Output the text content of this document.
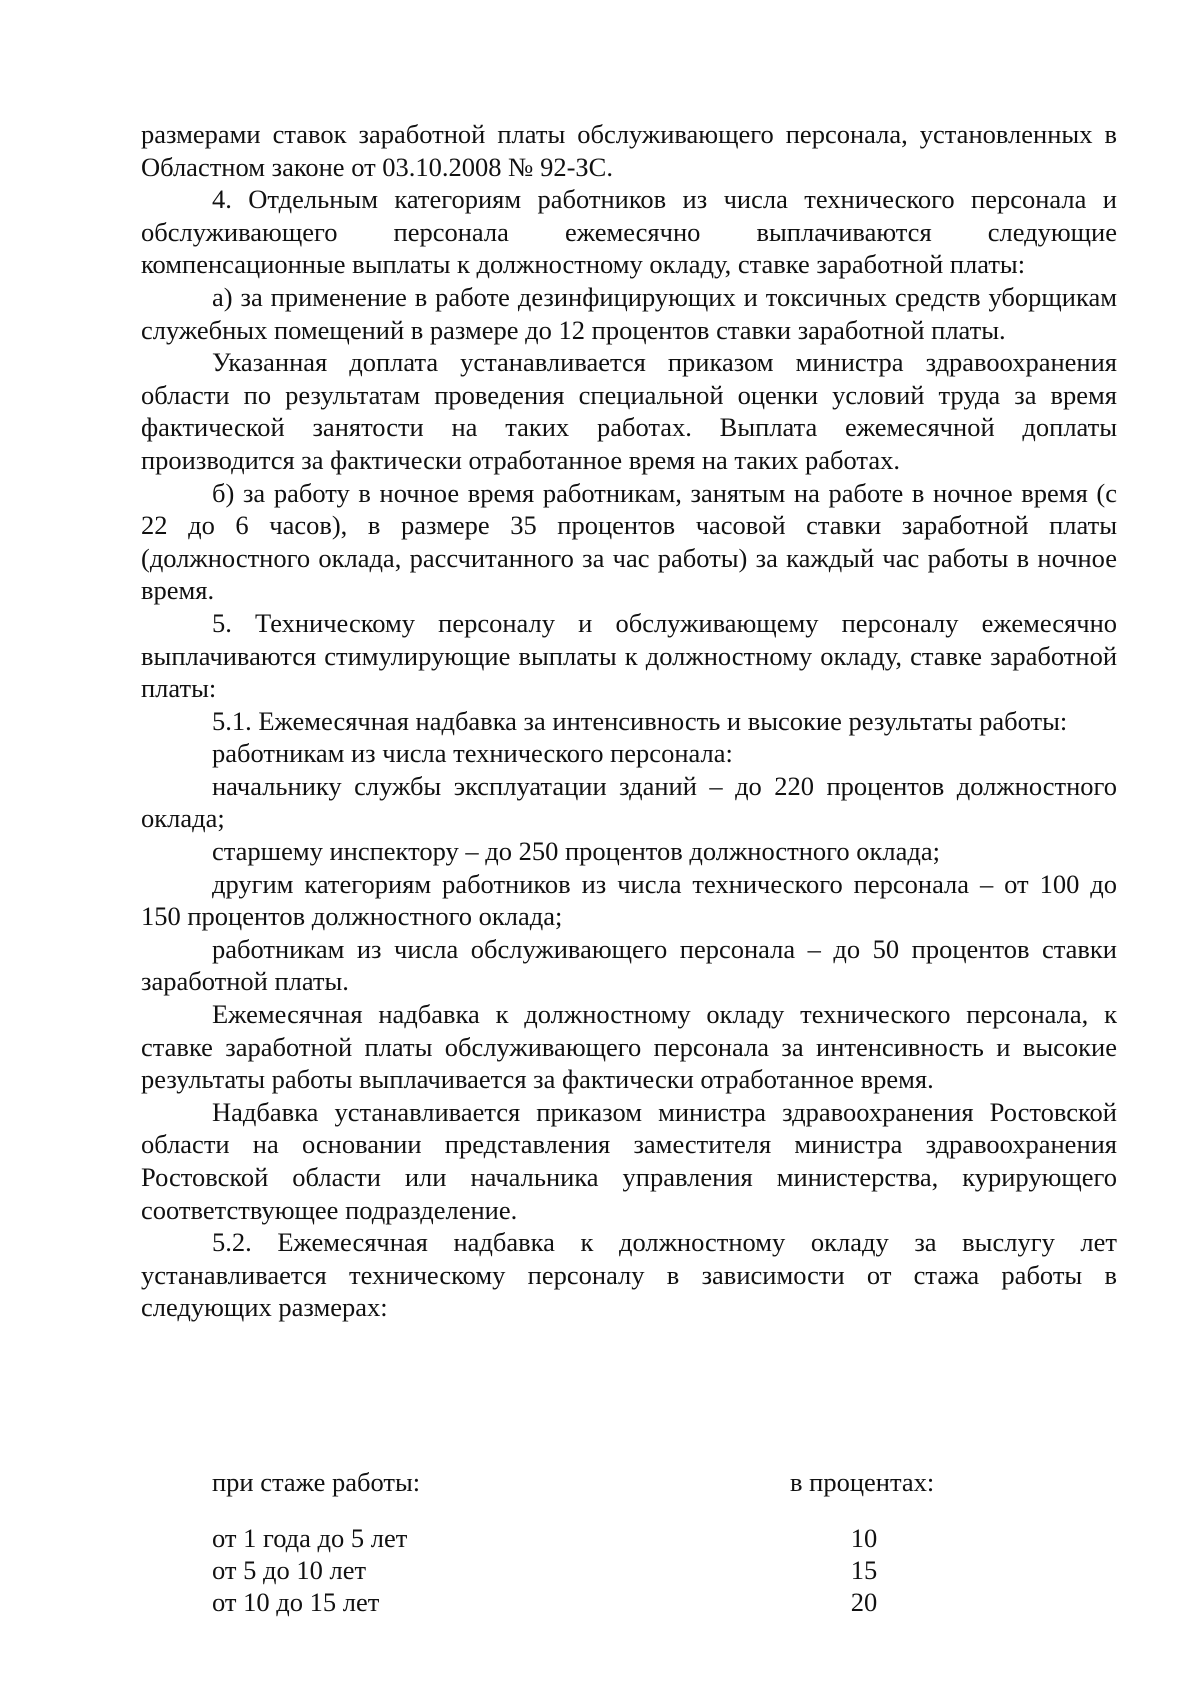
размерами ставок заработной платы обслуживающего персонала, установленных в Областном законе от 03.10.2008 № 92-ЗС.

4. Отдельным категориям работников из числа технического персонала и обслуживающего персонала ежемесячно выплачиваются следующие компенсационные выплаты к должностному окладу, ставке заработной платы:

а) за применение в работе дезинфицирующих и токсичных средств уборщикам служебных помещений в размере до 12 процентов ставки заработной платы.

Указанная доплата устанавливается приказом министра здравоохранения области по результатам проведения специальной оценки условий труда за время фактической занятости на таких работах. Выплата ежемесячной доплаты производится за фактически отработанное время на таких работах.

б) за работу в ночное время работникам, занятым на работе в ночное время (с 22 до 6 часов), в размере 35 процентов часовой ставки заработной платы (должностного оклада, рассчитанного за час работы) за каждый час работы в ночное время.

5. Техническому персоналу и обслуживающему персоналу ежемесячно выплачиваются стимулирующие выплаты к должностному окладу, ставке заработной платы:

5.1. Ежемесячная надбавка за интенсивность и высокие результаты работы:

работникам из числа технического персонала:

начальнику службы эксплуатации зданий – до 220 процентов должностного оклада;

старшему инспектору – до 250 процентов должностного оклада;

другим категориям работников из числа технического персонала – от 100 до 150 процентов должностного оклада;

работникам из числа обслуживающего персонала – до 50 процентов ставки заработной платы.

Ежемесячная надбавка к должностному окладу технического персонала, к ставке заработной платы обслуживающего персонала за интенсивность и высокие результаты работы выплачивается за фактически отработанное время.

Надбавка устанавливается приказом министра здравоохранения Ростовской области на основании представления заместителя министра здравоохранения Ростовской области или начальника управления министерства, курирующего соответствующее подразделение.

5.2. Ежемесячная надбавка к должностному окладу за выслугу лет устанавливается техническому персоналу в зависимости от стажа работы в следующих размерах:

при стаже работы:	в процентах:
от 1 года до 5 лет	10
от 5 до 10 лет	15
от 10 до 15 лет	20
